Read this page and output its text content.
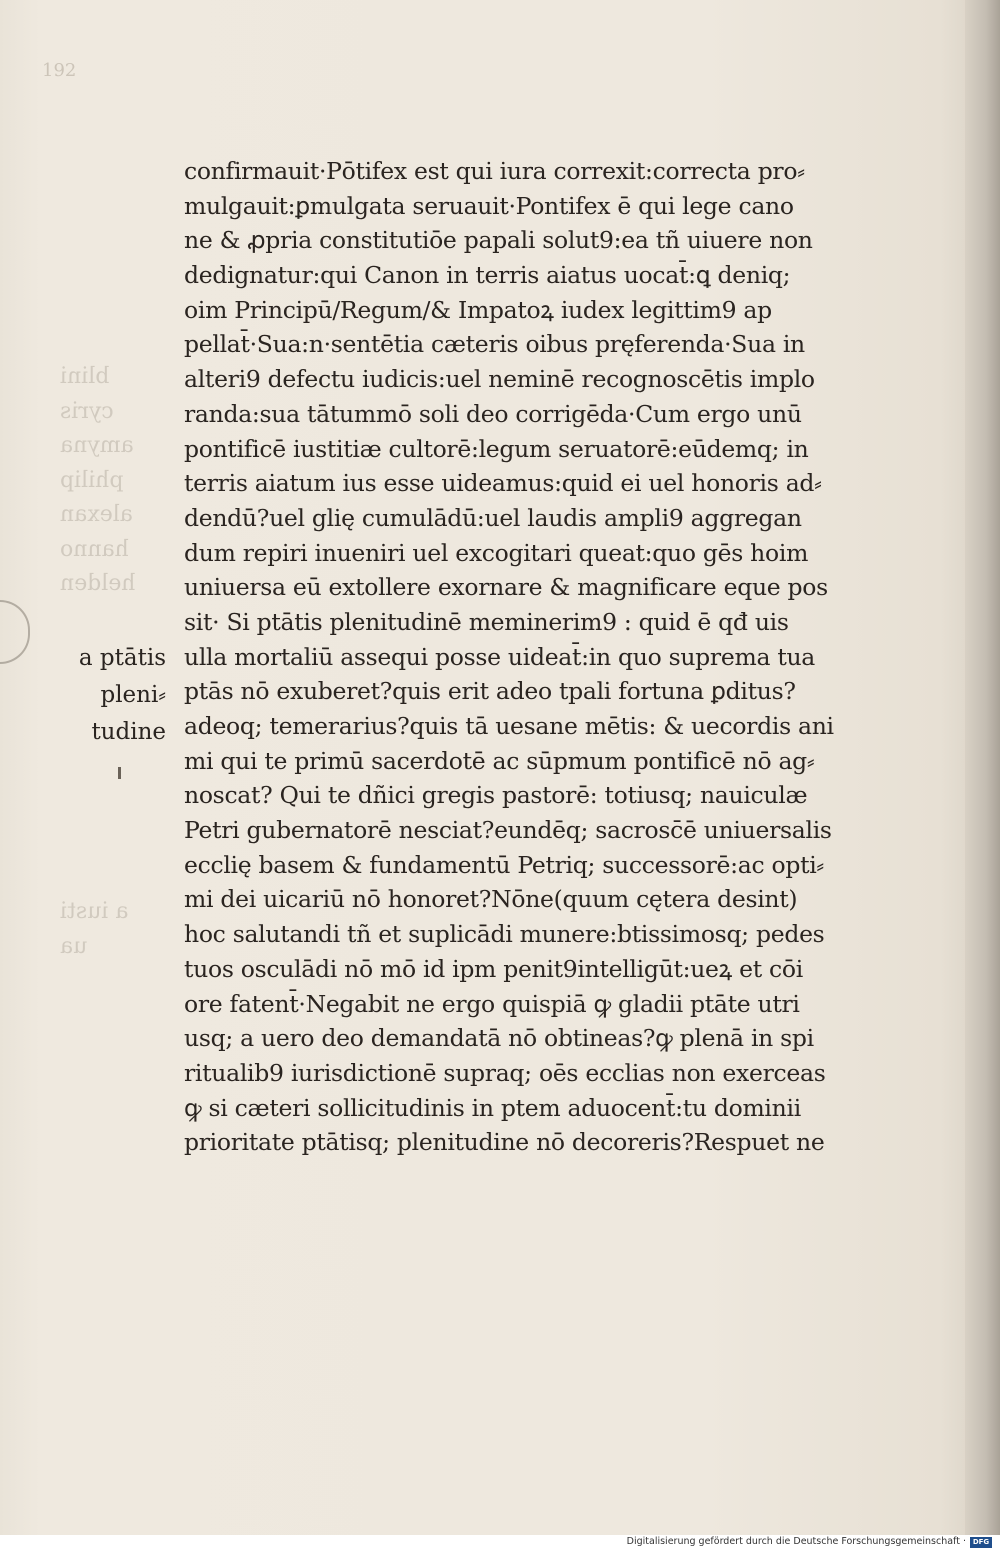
192
blini
cyris
amyna
philip
alexan
hanno
helden
a iusti
ua
confirmauit·Pōtifex est qui iura correxit:correcta pro⸗
mulgauit:ꝑmulgata seruauit·Pontifex ē qui lege cano
ne & ꝓpria constitutiōe papali solut9:ea tñ uiuere non
dedignatur:qui Canon in terris aiatus uocat̄:ꝗ deniq;
oim Principū/Regum/& Impatoꝝ iudex legittim9 ap
pellat̄·Sua:n·sentētia cæteris oibus pręferenda·Sua in
alteri9 defectu iudicis:uel neminē recognoscētis implo
randa:sua tātummō soli deo corrigēda·Cum ergo unū
pontificē iustitiæ cultorē:legum seruatorē:eūdemq; in
terris aiatum ius esse uideamus:quid ei uel honoris ad⸗
dendū?uel glię cumulādū:uel laudis ampli9 aggregan
dum repiri inueniri uel excogitari queat:quo gēs hoim
uniuersa eū extollere exornare & magnificare eque pos
sit· Si ptātis plenitudinē meminerim9 : quid ē qđ uis
ulla mortaliū assequi posse uideat̄:in quo suprema tua
ptās nō exuberet?quis erit adeo tpali fortuna ꝑditus?
adeoq; temerarius?quis tā uesane mētis: & uecordis ani
mi qui te primū sacerdotē ac sūpmum pontificē nō ag⸗
noscat? Qui te dñici gregis pastorē: totiusq; nauiculæ
Petri gubernatorē nesciat?eundēq; sacrosc̄ē uniuersalis
ecclię basem & fundamentū Petriq; successorē:ac opti⸗
mi dei uicariū nō honoret?Nōne(quum cętera desint)
hoc salutandi tñ et suplicādi munere:btissimosq; pedes
tuos osculādi nō mō id ipm penit9intelligūt:ueꝝ et cōi
ore fatent̄·Negabit ne ergo quispiā ꝙ gladii ptāte utri
usq; a uero deo demandatā nō obtineas?ꝙ plenā in spi
ritualib9 iurisdictionē supraq; oēs ecclias non exerceas
ꝙ si cæteri sollicitudinis in ptem aduocent̄:tu dominii
prioritate ptātisq; plenitudine nō decoreris?Respuet ne
a ptātis
pleni⸗
tudine
Digitalisierung gefördert durch die Deutsche Forschungsgemeinschaft · DFG
